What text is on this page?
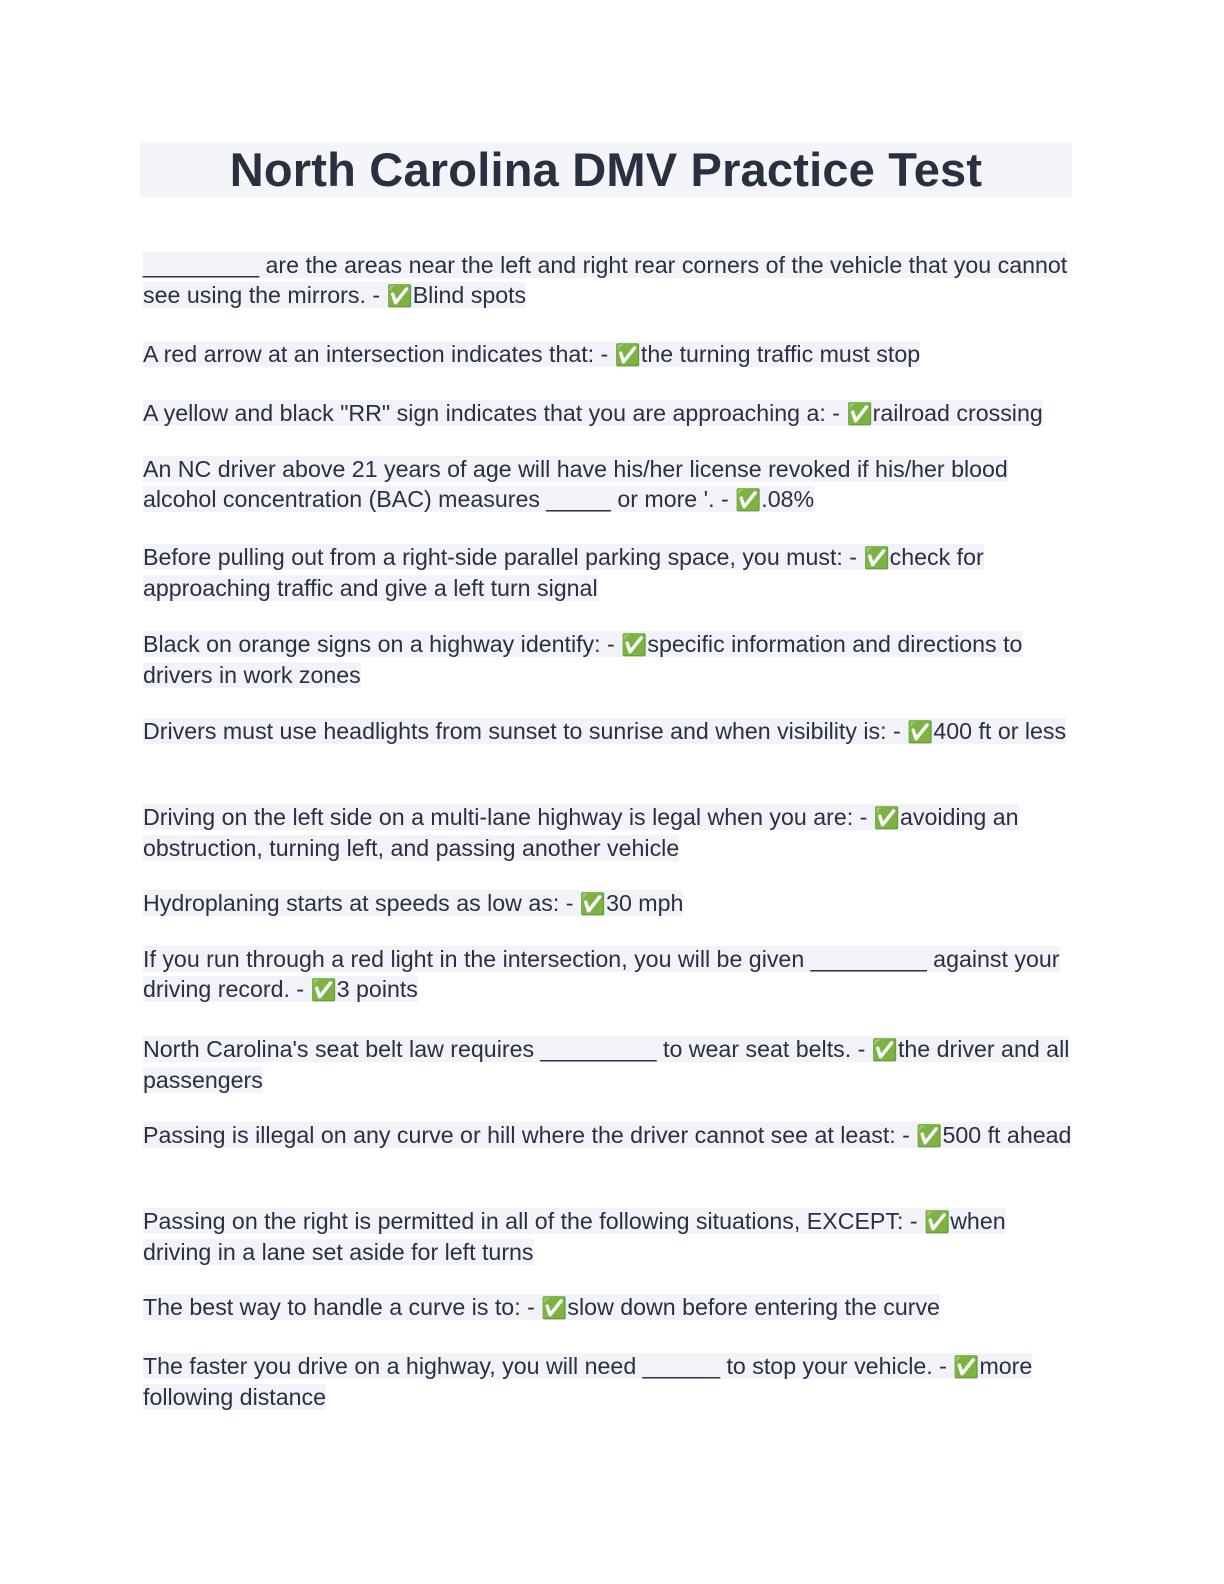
North Carolina DMV Practice Test
_________ are the areas near the left and right rear corners of the vehicle that you cannot see using the mirrors. - ✅Blind spots
A red arrow at an intersection indicates that: - ✅the turning traffic must stop
A yellow and black "RR" sign indicates that you are approaching a: - ✅railroad crossing
An NC driver above 21 years of age will have his/her license revoked if his/her blood alcohol concentration (BAC) measures _____ or more '. - ✅.08%
Before pulling out from a right-side parallel parking space, you must: - ✅check for approaching traffic and give a left turn signal
Black on orange signs on a highway identify: - ✅specific information and directions to drivers in work zones
Drivers must use headlights from sunset to sunrise and when visibility is: - ✅400 ft or less
Driving on the left side on a multi-lane highway is legal when you are: - ✅avoiding an obstruction, turning left, and passing another vehicle
Hydroplaning starts at speeds as low as: - ✅30 mph
If you run through a red light in the intersection, you will be given _________ against your driving record. - ✅3 points
North Carolina's seat belt law requires _________ to wear seat belts. - ✅the driver and all passengers
Passing is illegal on any curve or hill where the driver cannot see at least: - ✅500 ft ahead
Passing on the right is permitted in all of the following situations, EXCEPT: - ✅when driving in a lane set aside for left turns
The best way to handle a curve is to: - ✅slow down before entering the curve
The faster you drive on a highway, you will need ______ to stop your vehicle. - ✅more following distance
